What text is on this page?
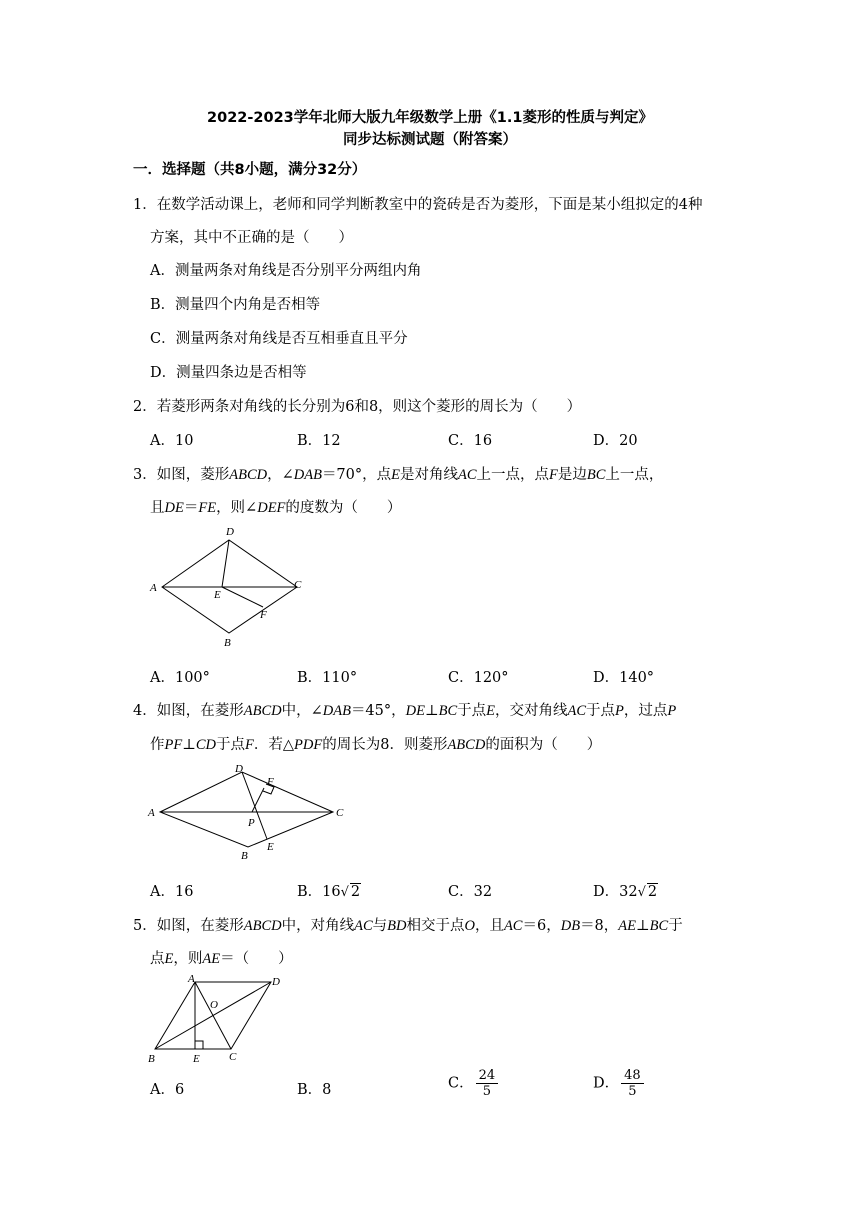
2022-2023学年北师大版九年级数学上册《1.1菱形的性质与判定》
同步达标测试题（附答案）
一．选择题（共8小题，满分32分）
1．在数学活动课上，老师和同学判断教室中的瓷砖是否为菱形，下面是某小组拟定的4种
方案，其中不正确的是（　　）
A．测量两条对角线是否分别平分两组内角
B．测量四个内角是否相等
C．测量两条对角线是否互相垂直且平分
D．测量四条边是否相等
2．若菱形两条对角线的长分别为6和8，则这个菱形的周长为（　　）
A．10	B．12	C．16	D．20
3．如图，菱形ABCD，∠DAB＝70°，点E是对角线AC上一点，点F是边BC上一点，
且DE＝FE，则∠DEF的度数为（　　）
A
D
C
B
E
F
A．100°	B．110°	C．120°	D．140°
4．如图，在菱形ABCD中，∠DAB＝45°，DE⊥BC于点E，交对角线AC于点P，过点P
作PF⊥CD于点F．若△PDF的周长为8．则菱形ABCD的面积为（　　）
A
D
F
C
P
E
B
A．16	B．16√ 2	C．32	D．32√ 2
5．如图，在菱形ABCD中，对角线AC与BD相交于点O，且AC＝6，DB＝8，AE⊥BC于
点E，则AE＝（　　）
A	D
O
B	E	C
A．6	B．8	C． $\frac{24}{5}$	D． $\frac{48}{5}$
